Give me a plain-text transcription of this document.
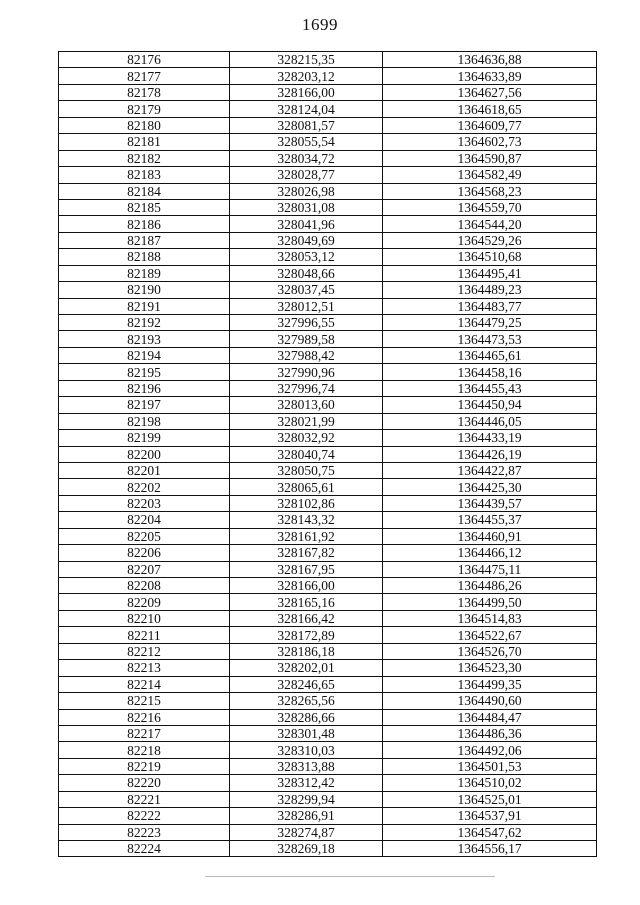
1699
82176	328215,35	1364636,88
82177	328203,12	1364633,89
82178	328166,00	1364627,56
82179	328124,04	1364618,65
82180	328081,57	1364609,77
82181	328055,54	1364602,73
82182	328034,72	1364590,87
82183	328028,77	1364582,49
82184	328026,98	1364568,23
82185	328031,08	1364559,70
82186	328041,96	1364544,20
82187	328049,69	1364529,26
82188	328053,12	1364510,68
82189	328048,66	1364495,41
82190	328037,45	1364489,23
82191	328012,51	1364483,77
82192	327996,55	1364479,25
82193	327989,58	1364473,53
82194	327988,42	1364465,61
82195	327990,96	1364458,16
82196	327996,74	1364455,43
82197	328013,60	1364450,94
82198	328021,99	1364446,05
82199	328032,92	1364433,19
82200	328040,74	1364426,19
82201	328050,75	1364422,87
82202	328065,61	1364425,30
82203	328102,86	1364439,57
82204	328143,32	1364455,37
82205	328161,92	1364460,91
82206	328167,82	1364466,12
82207	328167,95	1364475,11
82208	328166,00	1364486,26
82209	328165,16	1364499,50
82210	328166,42	1364514,83
82211	328172,89	1364522,67
82212	328186,18	1364526,70
82213	328202,01	1364523,30
82214	328246,65	1364499,35
82215	328265,56	1364490,60
82216	328286,66	1364484,47
82217	328301,48	1364486,36
82218	328310,03	1364492,06
82219	328313,88	1364501,53
82220	328312,42	1364510,02
82221	328299,94	1364525,01
82222	328286,91	1364537,91
82223	328274,87	1364547,62
82224	328269,18	1364556,17
